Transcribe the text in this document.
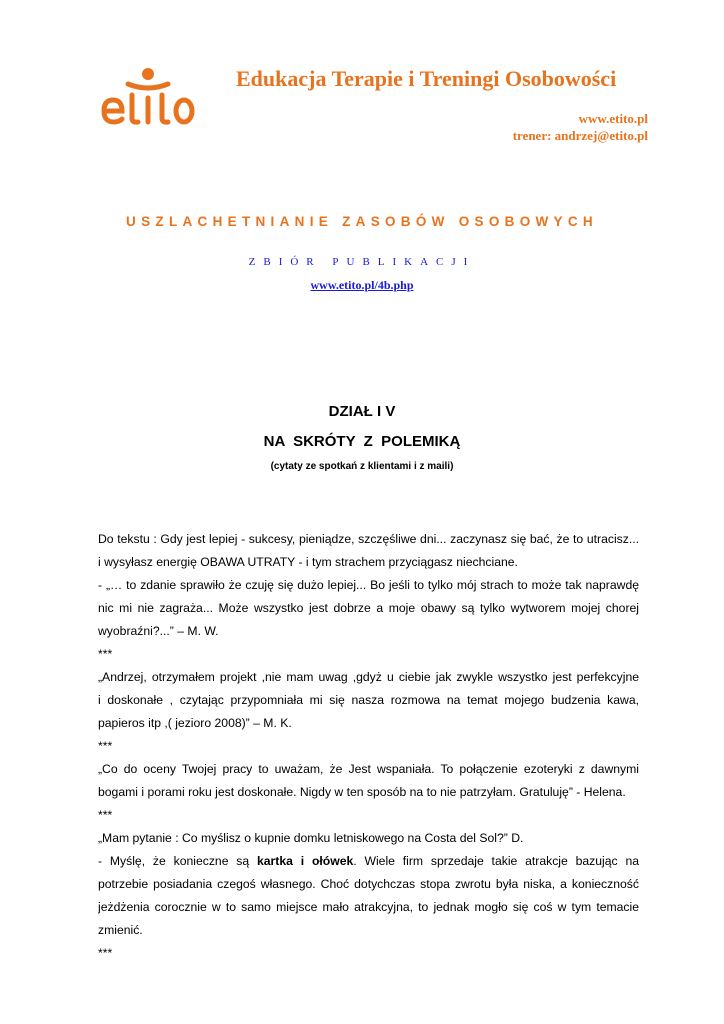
Edukacja Terapie i Treningi Osobowości
www.etito.pl
trener: andrzej@etito.pl
USZLACHETNIANIE ZASOBÓW OSOBOWYCH
ZBIÓR PUBLIKACJI
www.etito.pl/4b.php
DZIAŁ I V
NA  SKRÓTY  Z  POLEMIKĄ
(cytaty ze spotkań z klientami i z maili)
Do tekstu : Gdy jest lepiej - sukcesy, pieniądze, szczęśliwe dni... zaczynasz się bać, że to utracisz...
i wysyłasz energię OBAWA UTRATY - i tym strachem przyciągasz niechciane.
- „… to zdanie sprawiło że czuję się dużo lepiej... Bo jeśli to tylko mój strach to może tak naprawdę
nic mi nie zagraża... Może wszystko jest dobrze a moje obawy są tylko wytworem mojej chorej
wyobraźni?...” – M. W.
***
„Andrzej, otrzymałem projekt ,nie mam uwag ,gdyż u ciebie jak zwykle wszystko jest perfekcyjne
i doskonałe , czytając przypomniała mi się nasza rozmowa na temat mojego budzenia kawa,
papieros itp ,( jezioro 2008)” – M. K.
***
„Co do oceny Twojej pracy to uważam, że Jest wspaniała. To połączenie ezoteryki z dawnymi
bogami i porami roku jest doskonałe. Nigdy w ten sposób na to nie patrzyłam. Gratuluję” - Helena.
***
„Mam pytanie : Co myślisz o kupnie domku letniskowego na Costa del Sol?” D.
- Myślę, że konieczne są kartka i ołówek. Wiele firm sprzedaje takie atrakcje bazując na
potrzebie posiadania czegoś własnego. Choć dotychczas stopa zwrotu była niska, a konieczność
jeżdżenia corocznie w to samo miejsce mało atrakcyjna, to jednak mogło się coś w tym temacie
zmienić.
***
